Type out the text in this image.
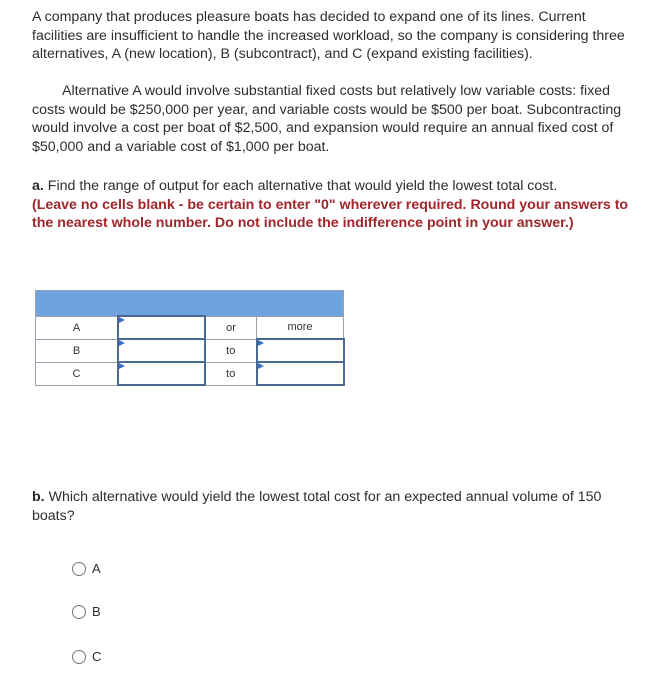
A company that produces pleasure boats has decided to expand one of its lines. Current facilities are insufficient to handle the increased workload, so the company is considering three alternatives, A (new location), B (subcontract), and C (expand existing facilities).
Alternative A would involve substantial fixed costs but relatively low variable costs: fixed costs would be $250,000 per year, and variable costs would be $500 per boat. Subcontracting would involve a cost per boat of $2,500, and expansion would require an annual fixed cost of $50,000 and a variable cost of $1,000 per boat.
a. Find the range of output for each alternative that would yield the lowest total cost.
(Leave no cells blank - be certain to enter "0" wherever required. Round your answers to the nearest whole number. Do not include the indifference point in your answer.)

A		or	more
B		to	
C		to	
b. Which alternative would yield the lowest total cost for an expected annual volume of 150 boats?
A
B
C
